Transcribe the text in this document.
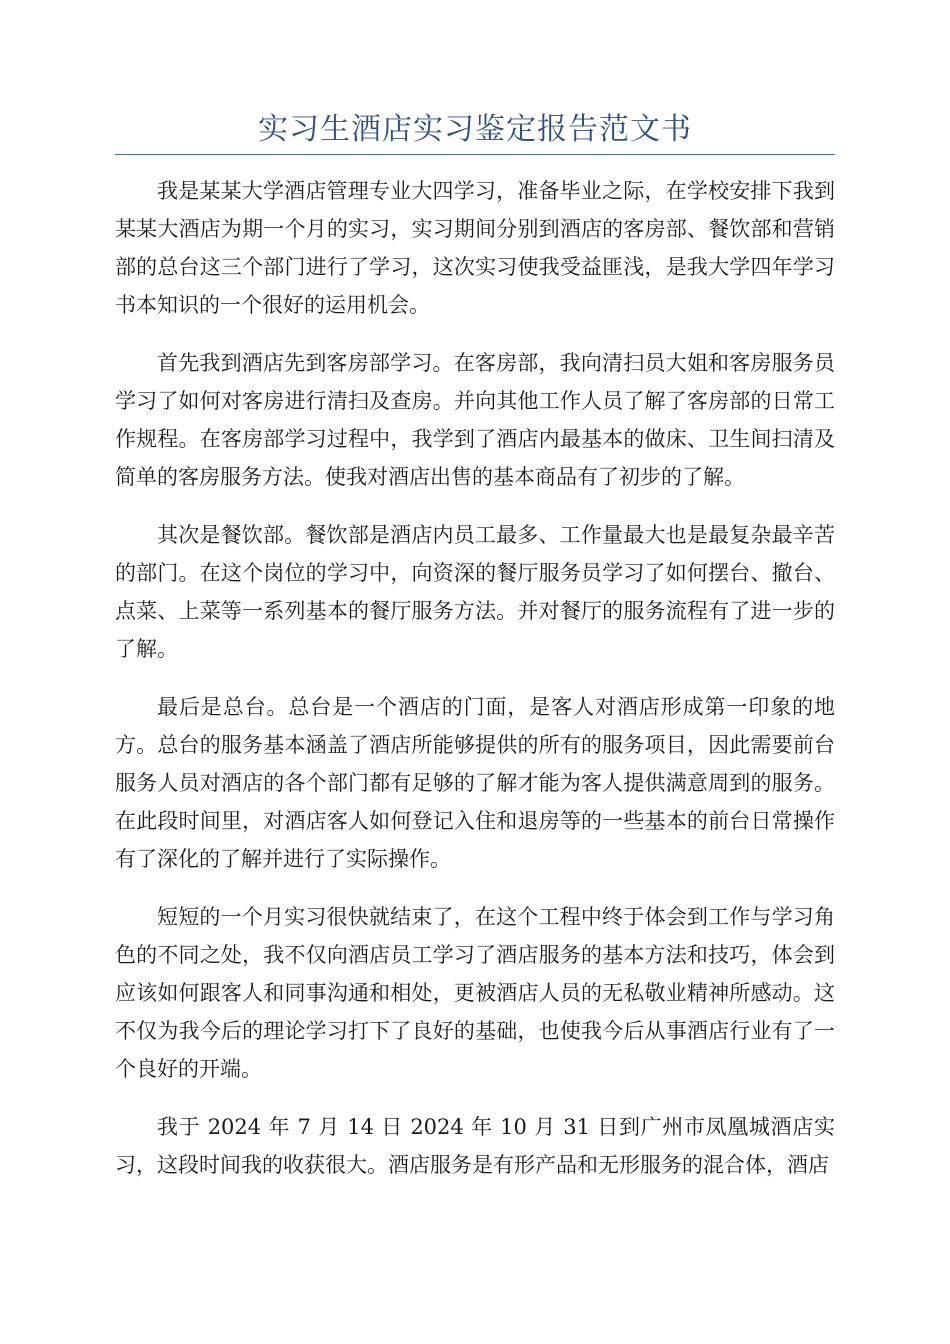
实习生酒店实习鉴定报告范文书

我是某某大学酒店管理专业大四学习，准备毕业之际，在学校安排下我到某某大酒店为期一个月的实习，实习期间分别到酒店的客房部、餐饮部和营销部的总台这三个部门进行了学习，这次实习使我受益匪浅，是我大学四年学习书本知识的一个很好的运用机会。

首先我到酒店先到客房部学习。在客房部，我向清扫员大姐和客房服务员学习了如何对客房进行清扫及查房。并向其他工作人员了解了客房部的日常工作规程。在客房部学习过程中，我学到了酒店内最基本的做床、卫生间扫清及简单的客房服务方法。使我对酒店出售的基本商品有了初步的了解。

其次是餐饮部。餐饮部是酒店内员工最多、工作量最大也是最复杂最辛苦的部门。在这个岗位的学习中，向资深的餐厅服务员学习了如何摆台、撤台、点菜、上菜等一系列基本的餐厅服务方法。并对餐厅的服务流程有了进一步的了解。

最后是总台。总台是一个酒店的门面，是客人对酒店形成第一印象的地方。总台的服务基本涵盖了酒店所能够提供的所有的服务项目，因此需要前台服务人员对酒店的各个部门都有足够的了解才能为客人提供满意周到的服务。在此段时间里，对酒店客人如何登记入住和退房等的一些基本的前台日常操作有了深化的了解并进行了实际操作。

短短的一个月实习很快就结束了，在这个工程中终于体会到工作与学习角色的不同之处，我不仅向酒店员工学习了酒店服务的基本方法和技巧，体会到应该如何跟客人和同事沟通和相处，更被酒店人员的无私敬业精神所感动。这不仅为我今后的理论学习打下了良好的基础，也使我今后从事酒店行业有了一个良好的开端。

我于 2024 年 7 月 14 日 2024 年 10 月 31 日到广州市凤凰城酒店实习，这段时间我的收获很大。酒店服务是有形产品和无形服务的混合体，酒店
